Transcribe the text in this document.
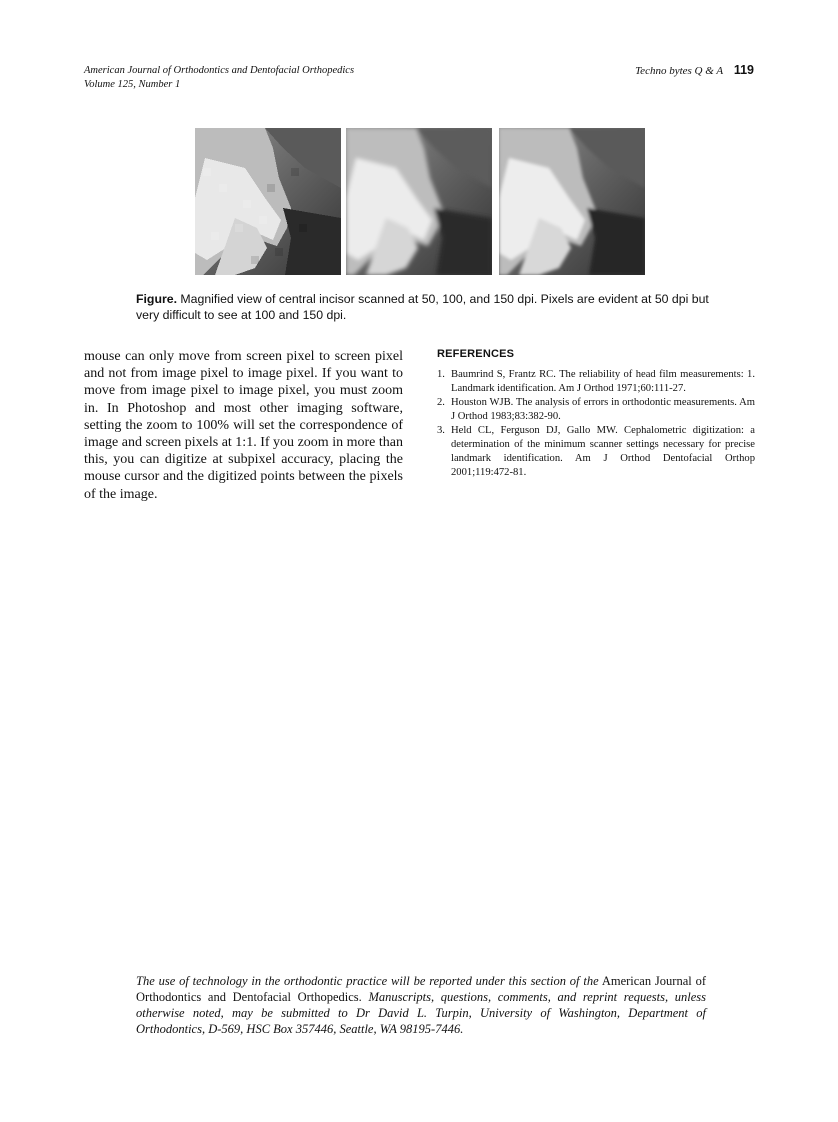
American Journal of Orthodontics and Dentofacial Orthopedics
Volume 125, Number 1
Techno bytes Q & A 119
Figure. Magnified view of central incisor scanned at 50, 100, and 150 dpi. Pixels are evident at 50 dpi but very difficult to see at 100 and 150 dpi.
mouse can only move from screen pixel to screen pixel and not from image pixel to image pixel. If you want to move from image pixel to image pixel, you must zoom in. In Photoshop and most other imaging software, setting the zoom to 100% will set the correspondence of image and screen pixels at 1:1. If you zoom in more than this, you can digitize at subpixel accuracy, placing the mouse cursor and the digitized points between the pixels of the image.
REFERENCES
1. Baumrind S, Frantz RC. The reliability of head film measurements: 1. Landmark identification. Am J Orthod 1971;60:111-27.
2. Houston WJB. The analysis of errors in orthodontic measurements. Am J Orthod 1983;83:382-90.
3. Held CL, Ferguson DJ, Gallo MW. Cephalometric digitization: a determination of the minimum scanner settings necessary for precise landmark identification. Am J Orthod Dentofacial Orthop 2001;119:472-81.
The use of technology in the orthodontic practice will be reported under this section of the American Journal of Orthodontics and Dentofacial Orthopedics. Manuscripts, questions, comments, and reprint requests, unless otherwise noted, may be submitted to Dr David L. Turpin, University of Washington, Department of Orthodontics, D-569, HSC Box 357446, Seattle, WA 98195-7446.
